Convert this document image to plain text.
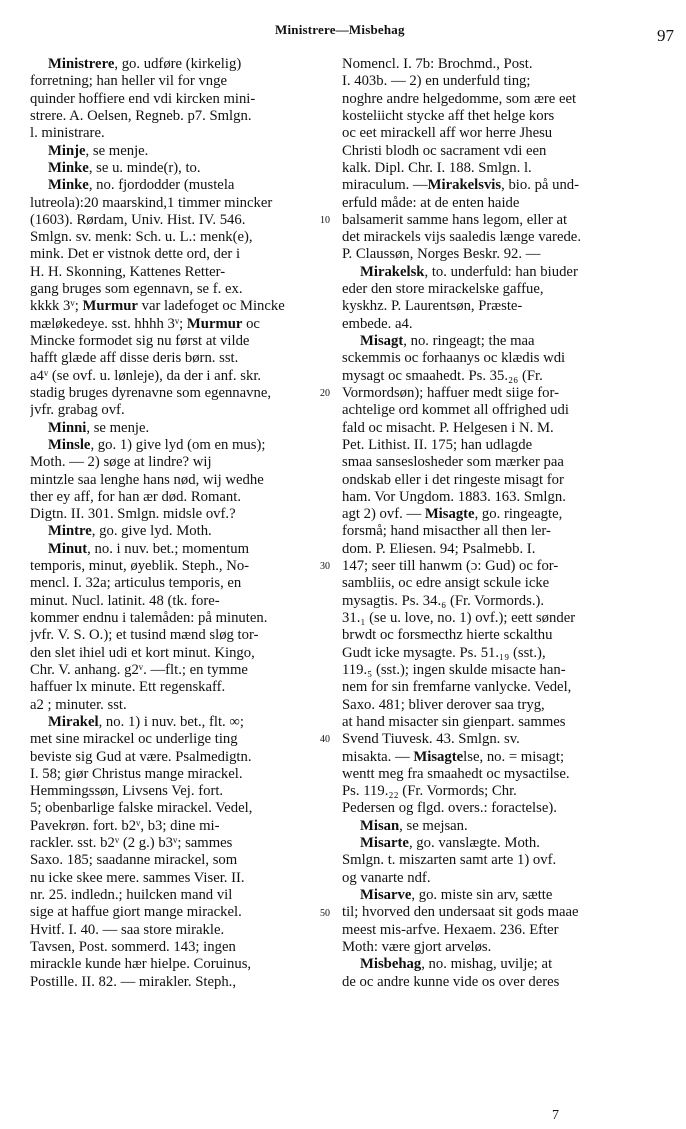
Ministrere—Misbehag	97
Ministrere, go. udføre (kirkelig)
forretning; han heller vil for vnge
quinder hoffiere end vdi kircken mini-
strere. A. Oelsen, Regneb. p7. Smlgn.
l. ministrare.
Minje, se menje.
Minke, se u. minde(r), to.
Minke, no. fjordodder (mustela
lutreola):20 maarskind,1 timmer mincker
(1603). Rørdam, Univ. Hist. IV. 546.
Smlgn. sv. menk: Sch. u. L.: menk(e),
mink. Det er vistnok dette ord, der i
H. H. Skonning, Kattenes Retter-
gang bruges som egennavn, se f. ex.
kkkk 3ᵛ; Murmur var ladefoget oc Mincke
mæløkedeye. sst. hhhh 3ᵛ; Murmur oc
Mincke formodet sig nu først at vilde
hafft glæde aff disse deris børn. sst.
a4ᵛ (se ovf. u. lønleje), da der i anf. skr.
stadig bruges dyrenavne som egennavne,
jvfr. grabag ovf.
Minni, se menje.
Minsle, go. 1) give lyd (om en mus);
Moth. — 2) søge at lindre? wij
mintzle saa lenghe hans nød, wij wedhe
ther ey aff, for han ær død. Romant.
Digtn. II. 301. Smlgn. midsle ovf.?
Mintre, go. give lyd. Moth.
Minut, no. i nuv. bet.; momentum
temporis, minut, øyeblik. Steph., No-
mencl. I. 32a; articulus temporis, en
minut. Nucl. latinit. 48 (tk. fore-
kommer endnu i talemåden: på minuten.
jvfr. V. S. O.); et tusind mænd sløg tor-
den slet ihiel udi et kort minut. Kingo,
Chr. V. anhang. g2ᵛ. —flt.; en tymme
haffuer lx minute. Ett regenskaff.
a2 ; minuter. sst.
Mirakel, no. 1) i nuv. bet., flt. ∞;
met sine mirackel oc underlige ting
beviste sig Gud at være. Psalmedigtn.
I. 58; giør Christus mange mirackel.
Hemmingssøn, Livsens Vej. fort.
5; obenbarlige falske mirackel. Vedel,
Pavekrøn. fort. b2ᵛ, b3; dine mi-
rackler. sst. b2ᵛ (2 g.) b3ᵛ; sammes
Saxo. 185; saadanne mirackel, som
nu icke skee mere. sammes Viser. II.
nr. 25. indledn.; huilcken mand vil
sige at haffue giort mange mirackel.
Hvitf. I. 40. — saa store mirakle.
Tavsen, Post. sommerd. 143; ingen
mirackle kunde hær hielpe. Coruinus,
Postille. II. 82. — mirakler. Steph.,
10
20
30
40
50
Nomencl. I. 7b: Brochmd., Post.
I. 403b. — 2) en underfuld ting;
noghre andre helgedomme, som ære eet
kosteliicht stycke aff thet helge kors
oc eet mirackell aff wor herre Jhesu
Christi blodh oc sacrament vdi een
kalk. Dipl. Chr. I. 188. Smlgn. l.
miraculum. —Mirakelsvis, bio. på und-
erfuld måde: at de enten haide
balsamerit samme hans legom, eller at
det mirackels vijs saaledis længe varede.
P. Claussøn, Norges Beskr. 92. —
Mirakelsk, to. underfuld: han biuder
eder den store mirackelske gaffue,
kyskhz. P. Laurentsøn, Præste-
embede. a4.
Misagt, no. ringeagt; the maa
sckemmis oc forhaanys oc klædis wdi
mysagt oc smaahedt. Ps. 35.₂₆ (Fr.
Vormordsøn); haffuer medt siige for-
achtelige ord kommet all offrighed udi
fald oc misacht. P. Helgesen i N. M.
Pet. Lithist. II. 175; han udlagde
smaa sanseslosheder som mærker paa
ondskab eller i det ringeste misagt for
ham. Vor Ungdom. 1883. 163. Smlgn.
agt 2) ovf. — Misagte, go. ringeagte,
forsmå; hand misacther all then ler-
dom. P. Eliesen. 94; Psalmebb. I.
147; seer till hanwm (ɔ: Gud) oc for-
sambliis, oc edre ansigt sckule icke
mysagtis. Ps. 34.₆ (Fr. Vormords.).
31.₁ (se u. love, no. 1) ovf.); eett sønder
brwdt oc forsmecthz hierte sckalthu
Gudt icke mysagte. Ps. 51.₁₉ (sst.),
119.₅ (sst.); ingen skulde misacte han-
nem for sin fremfarne vanlycke. Vedel,
Saxo. 481; bliver derover saa tryg,
at hand misacter sin gienpart. sammes
Svend Tiuvesk. 43. Smlgn. sv.
misakta. — Misagtelse, no. = misagt;
wentt meg fra smaahedt oc mysactilse.
Ps. 119.₂₂ (Fr. Vormords; Chr.
Pedersen og flgd. overs.: foractelse).
Misan, se mejsan.
Misarte, go. vanslægte. Moth.
Smlgn. t. miszarten samt arte 1) ovf.
og vanarte ndf.
Misarve, go. miste sin arv, sætte
til; hvorved den undersaat sit gods maae
meest mis-arfve. Hexaem. 236. Efter
Moth: være gjort arveløs.
Misbehag, no. mishag, uvilje; at
de oc andre kunne vide os over deres
7
